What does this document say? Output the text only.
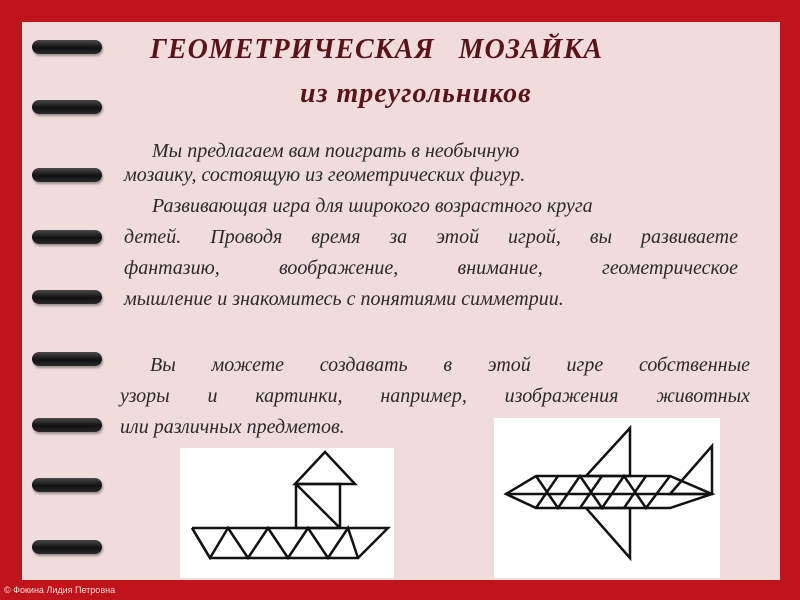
ГЕОМЕТРИЧЕСКАЯ   МОЗАЙКА
из треугольников
Мы предлагаем вам поиграть в необычную
мозаику, состоящую из геометрических фигур.
Развивающая игра для широкого возрастного круга
детей. Проводя время за этой игрой, вы развиваете
фантазию, воображение, внимание, геометрическое
мышление и знакомитесь с понятиями симметрии.
Вы можете создавать в этой игре собственные
узоры и картинки, например, изображения животных
или различных предметов.
© Фокина Лидия Петровна
